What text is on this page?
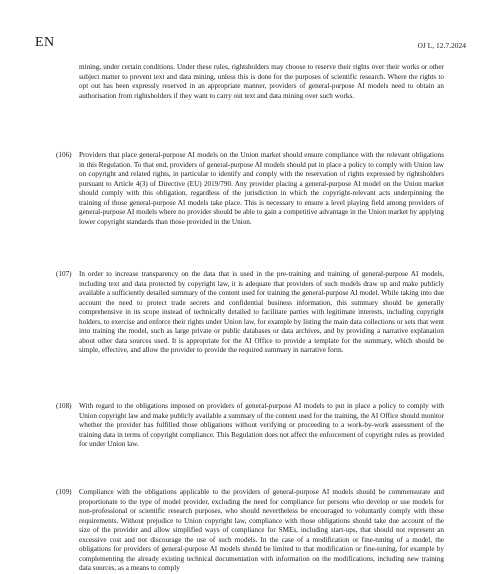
EN	OJ L, 12.7.2024

mining, under certain conditions. Under these rules, rightsholders may choose to reserve their rights over their works or other subject matter to prevent text and data mining, unless this is done for the purposes of scientific research. Where the rights to opt out has been expressly reserved in an appropriate manner, providers of general-purpose AI models need to obtain an authorisation from rightsholders if they want to carry out text and data mining over such works.

(106) Providers that place general-purpose AI models on the Union market should ensure compliance with the relevant obligations in this Regulation. To that end, providers of general-purpose AI models should put in place a policy to comply with Union law on copyright and related rights, in particular to identify and comply with the reservation of rights expressed by rightsholders pursuant to Article 4(3) of Directive (EU) 2019/790. Any provider placing a general-purpose AI model on the Union market should comply with this obligation, regardless of the jurisdiction in which the copyright-relevant acts underpinning the training of those general-purpose AI models take place. This is necessary to ensure a level playing field among providers of general-purpose AI models where no provider should be able to gain a competitive advantage in the Union market by applying lower copyright standards than those provided in the Union.

(107) In order to increase transparency on the data that is used in the pre-training and training of general-purpose AI models, including text and data protected by copyright law, it is adequate that providers of such models draw up and make publicly available a sufficiently detailed summary of the content used for training the general-purpose AI model. While taking into due account the need to protect trade secrets and confidential business information, this summary should be generally comprehensive in its scope instead of technically detailed to facilitate parties with legitimate interests, including copyright holders, to exercise and enforce their rights under Union law, for example by listing the main data collections or sets that went into training the model, such as large private or public databases or data archives, and by providing a narrative explanation about other data sources used. It is appropriate for the AI Office to provide a template for the summary, which should be simple, effective, and allow the provider to provide the required summary in narrative form.

(108) With regard to the obligations imposed on providers of general-purpose AI models to put in place a policy to comply with Union copyright law and make publicly available a summary of the content used for the training, the AI Office should monitor whether the provider has fulfilled those obligations without verifying or proceeding to a work-by-work assessment of the training data in terms of copyright compliance. This Regulation does not affect the enforcement of copyright rules as provided for under Union law.

(109) Compliance with the obligations applicable to the providers of general-purpose AI models should be commensurate and proportionate to the type of model provider, excluding the need for compliance for persons who develop or use models for non-professional or scientific research purposes, who should nevertheless be encouraged to voluntarily comply with these requirements. Without prejudice to Union copyright law, compliance with those obligations should take due account of the size of the provider and allow simplified ways of compliance for SMEs, including start-ups, that should not represent an excessive cost and not discourage the use of such models. In the case of a modification or fine-tuning of a model, the obligations for providers of general-purpose AI models should be limited to that modification or fine-tuning, for example by complementing the already existing technical documentation with information on the modifications, including new training data sources, as a means to comply
